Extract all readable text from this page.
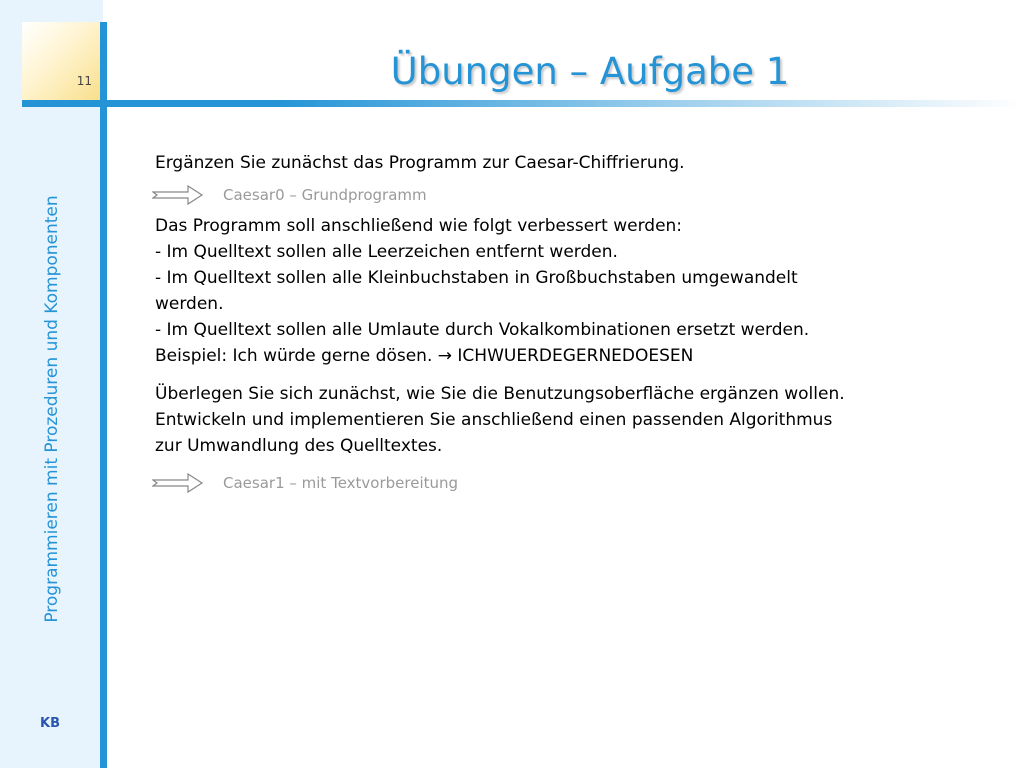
11
Programmieren mit Prozeduren und Komponenten
KB
Übungen – Aufgabe 1

Ergänzen Sie zunächst das Programm zur Caesar-Chiffrierung.

Caesar0 – Grundprogramm

Das Programm soll anschließend wie folgt verbessert werden:

- Im Quelltext sollen alle Leerzeichen entfernt werden.

- Im Quelltext sollen alle Kleinbuchstaben in Großbuchstaben umgewandelt

werden.

- Im Quelltext sollen alle Umlaute durch Vokalkombinationen ersetzt werden.

Beispiel: Ich würde gerne dösen. → ICHWUERDEGERNEDOESEN

Überlegen Sie sich zunächst, wie Sie die Benutzungsoberfläche ergänzen wollen.

Entwickeln und implementieren Sie anschließend einen passenden Algorithmus

zur Umwandlung des Quelltextes.

Caesar1 – mit Textvorbereitung
